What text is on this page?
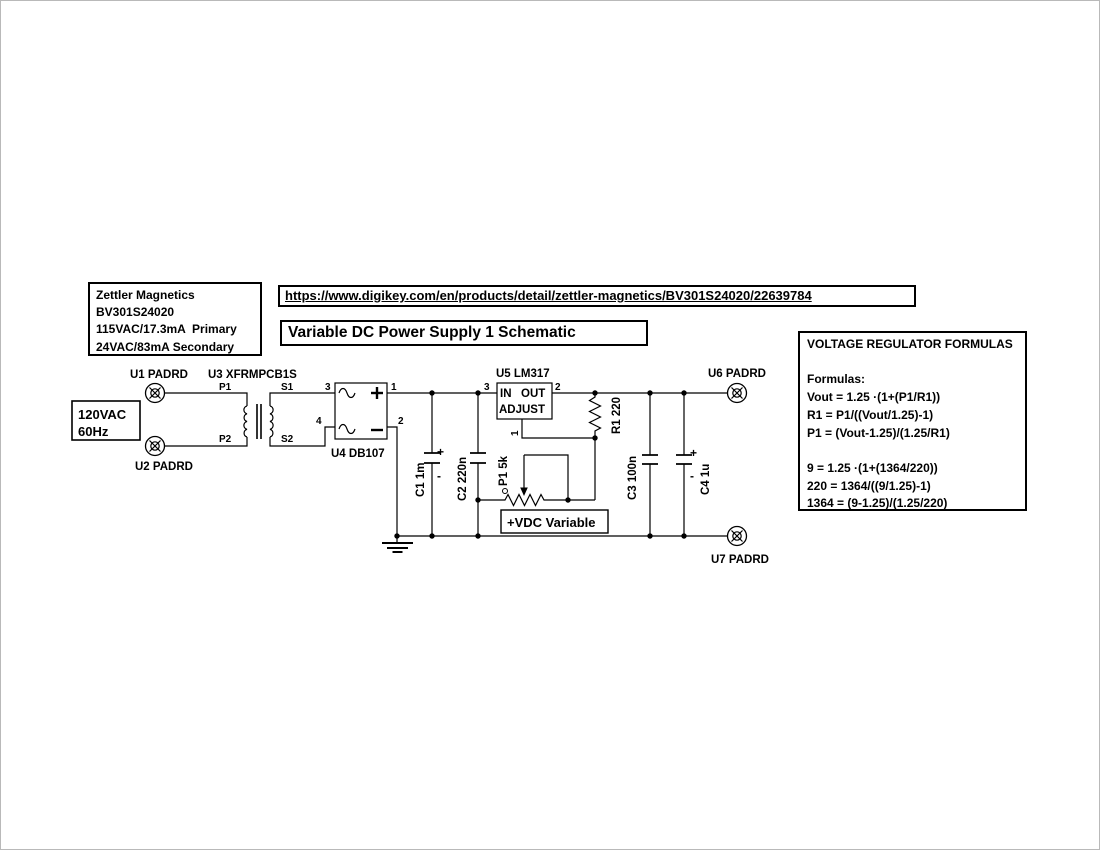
Zettler Magnetics
BV301S24020
115VAC/17.3mA  Primary
24VAC/83mA Secondary
https://www.digikey.com/en/products/detail/zettler-magnetics/BV301S24020/22639784
Variable DC Power Supply 1 Schematic
VOLTAGE REGULATOR FORMULAS
Formulas:
Vout = 1.25 ·(1+(P1/R1))
R1 = P1/((Vout/1.25)-1)
P1 = (Vout-1.25)/(1.25/R1)
9 = 1.25 ·(1+(1364/220))
220 = 1364/((9/1.25)-1)
1364 = (9-1.25)/(1.25/220)
120VAC
60Hz
U1 PADRD
U2 PADRD
U6 PADRD
U7 PADRD
U3 XFRMPCB1S
P1
P2
S1
S2
U4 DB107
3
4
1
2
IN OUT
ADJUST
U5 LM317
3	2
1
+
-
C1 1m	C2 220n	C3 100n
+
- C4 1u
R1 220
P1 5k
+VDC Variable
